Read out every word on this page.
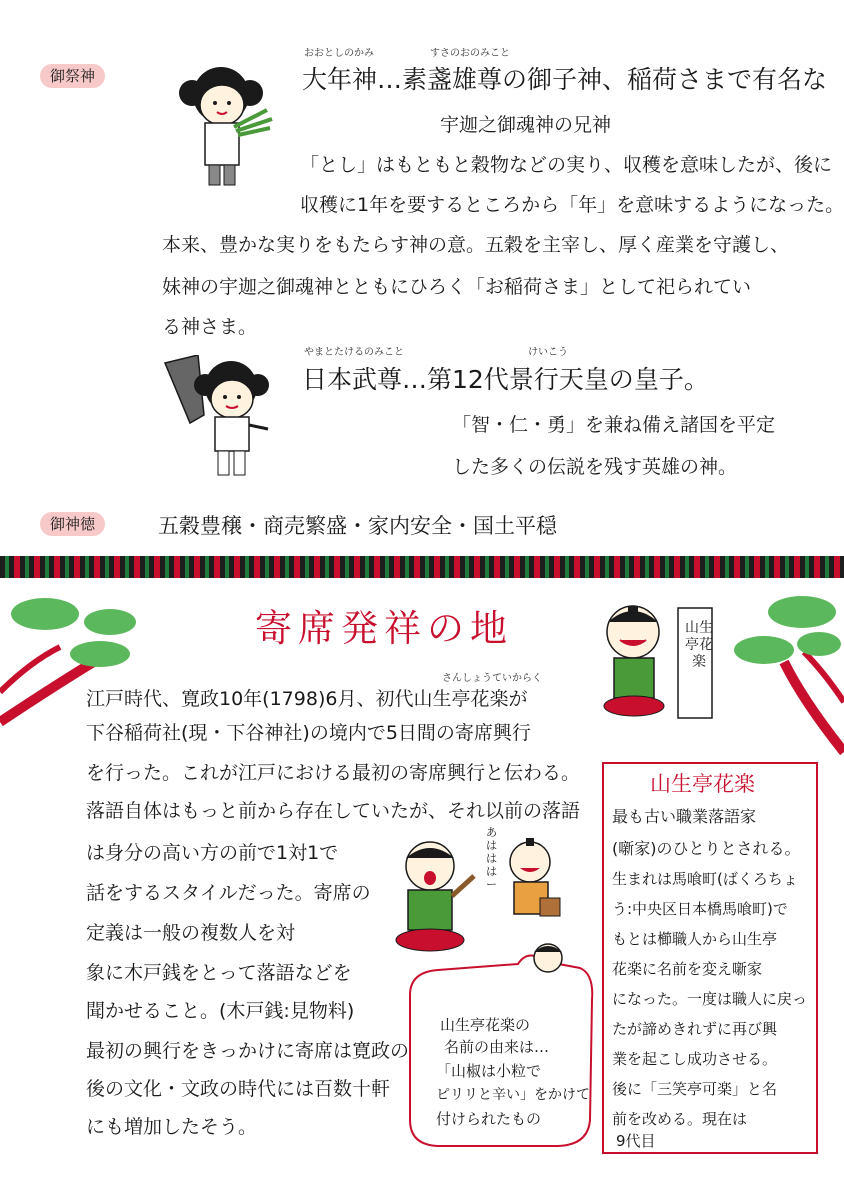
御祭神
おおとしのかみ	すさのおのみこと
大年神…素盞雄尊の御子神、稲荷さまで有名な
宇迦之御魂神の兄神
「とし」はもともと穀物などの実り、収穫を意味したが、後に
収穫に1年を要するところから「年」を意味するようになった。
本来、豊かな実りをもたらす神の意。五穀を主宰し、厚く産業を守護し、
妹神の宇迦之御魂神とともにひろく「お稲荷さま」として祀られてい
る神さま。
やまとたけるのみこと	けいこう
日本武尊…第12代景行天皇の皇子。
「智・仁・勇」を兼ね備え諸国を平定
した多くの伝説を残す英雄の神。
御神徳	五穀豊穣・商売繁盛・家内安全・国土平穏
寄席発祥の地	山生亭花楽
さんしょうていからく
江戸時代、寛政10年(1798)6月、初代山生亭花楽が
下谷稲荷社(現・下谷神社)の境内で5日間の寄席興行
を行った。これが江戸における最初の寄席興行と伝わる。
落語自体はもっと前から存在していたが、それ以前の落語
は身分の高い方の前で1対1で
話をするスタイルだった。寄席の
定義は一般の複数人を対
象に木戸銭をとって落語などを
聞かせること。(木戸銭:見物料)
最初の興行をきっかけに寄席は寛政の
後の文化・文政の時代には百数十軒
にも増加したそう。
あはははー
山生亭花楽の
名前の由来は…
「山椒は小粒で
ピリリと辛い」をかけて
付けられたもの
山生亭花楽
最も古い職業落語家
(噺家)のひとりとされる。
生まれは馬喰町(ばくろちょ
う:中央区日本橋馬喰町)で
もとは櫛職人から山生亭
花楽に名前を変え噺家
になった。一度は職人に戻っ
たが諦めきれずに再び興
業を起こし成功させる。
後に「三笑亭可楽」と名
前を改める。現在は
9代目
